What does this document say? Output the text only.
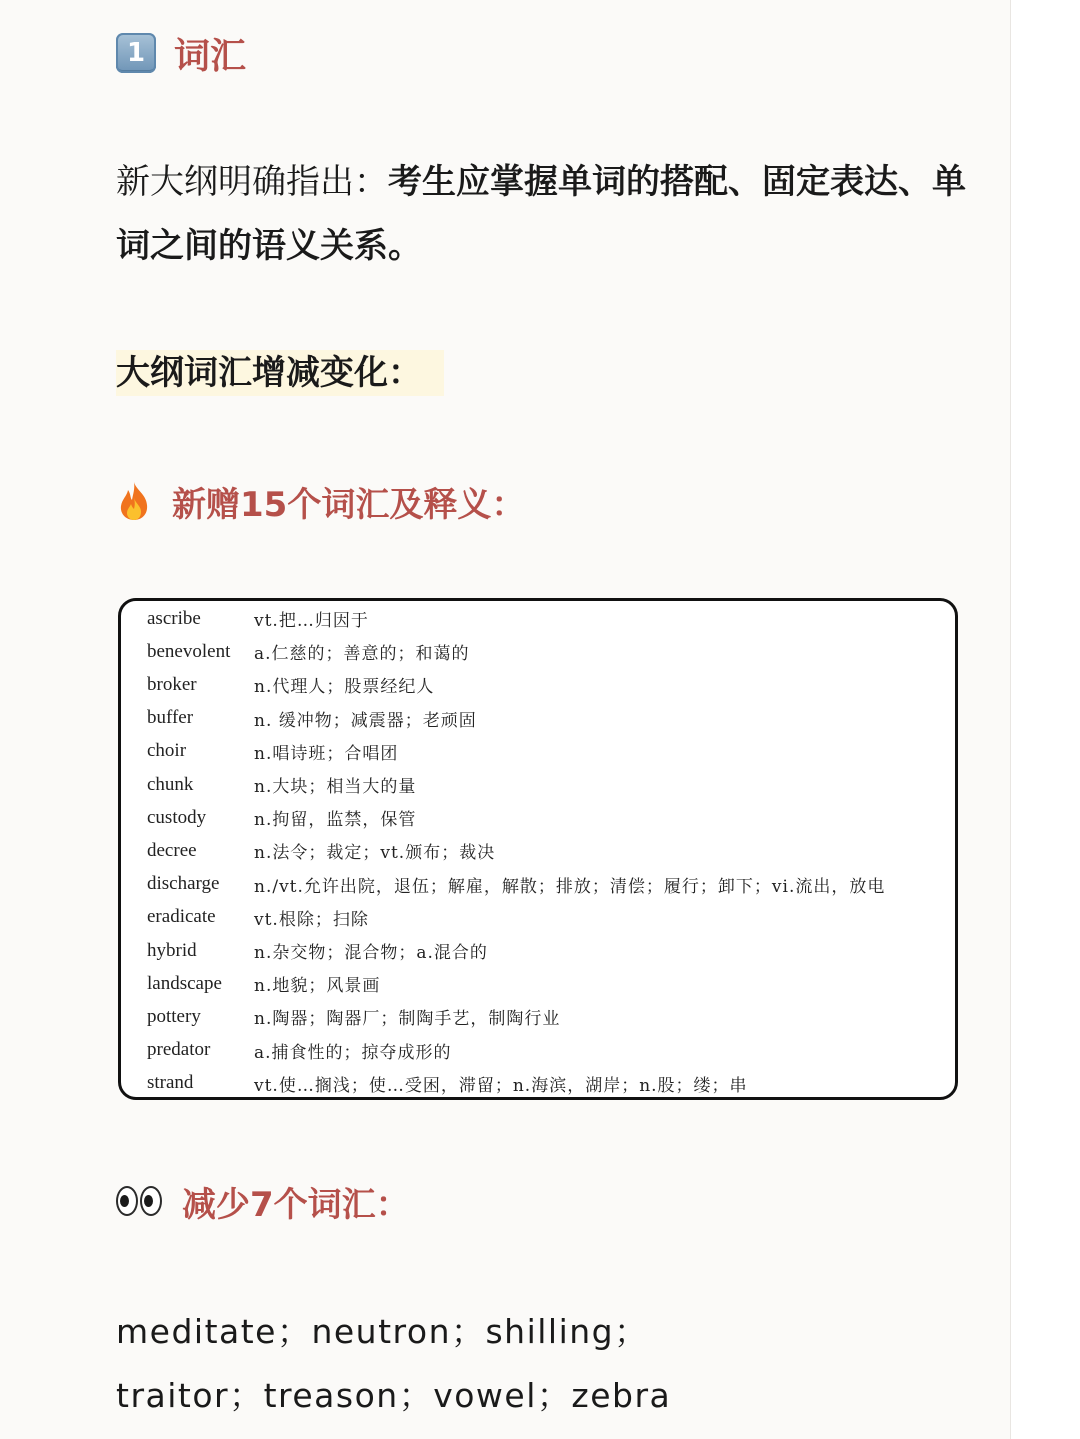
1 词汇
新大纲明确指出：考生应掌握单词的搭配、固定表达、单词之间的语义关系。
大纲词汇增减变化：
新赠15个词汇及释义：
ascribe	vt.把…归因于
benevolent a.仁慈的；善意的；和蔼的
broker	n.代理人；股票经纪人
buffer	n. 缓冲物；减震器；老顽固
choir	n.唱诗班；合唱团
chunk	n.大块；相当大的量
custody	n.拘留，监禁，保管
decree	n.法令；裁定；vt.颁布；裁决
discharge n./vt.允许出院，退伍；解雇，解散；排放；清偿；履行；卸下；vi.流出，放电
eradicate vt.根除；扫除
hybrid	n.杂交物；混合物；a.混合的
landscape n.地貌；风景画
pottery	n.陶器；陶器厂；制陶手艺，制陶行业
predator	a.捕食性的；掠夺成形的
strand	vt.使…搁浅；使…受困，滞留；n.海滨，湖岸；n.股；缕；串
减少7个词汇：
meditate；neutron；shilling；
traitor；treason；vowel；zebra
